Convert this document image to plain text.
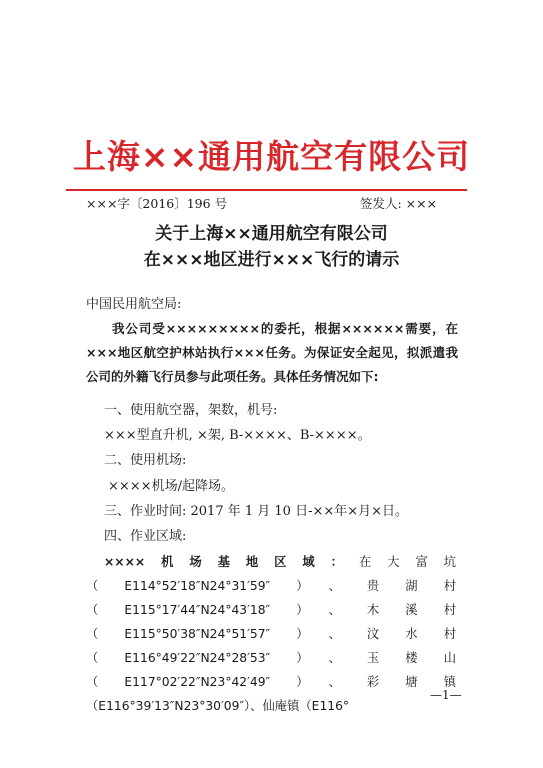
上海××通用航空有限公司
×××字〔2016〕196 号	签发人: ×××
关于上海××通用航空有限公司
在×××地区进行×××飞行的请示
中国民用航空局:
我公司受×××××××××的委托，根据××××××需要，在×××地区航空护林站执行×××任务。为保证安全起见，拟派遣我公司的外籍飞行员参与此项任务。具体任务情况如下:
一、使用航空器，架数，机号:
×××型直升机, ×架, B-××××、B-××××。
二、使用机场:
××××机场/起降场。
三、作业时间: 2017 年 1 月 10 日-××年×月×日。
四、作业区域:
××××机场基地区域：在大富坑（E114°52′18″N24°31′59″）、贵湖村（E115°17′44″N24°43′18″）、木溪村（E115°50′38″N24°51′57″）、汶水村（E116°49′22″N24°28′53″）、玉楼山（E117°02′22″N23°42′49″）、彩塘镇（E116°39′13″N23°30′09″）、仙庵镇（E116°
—1—
